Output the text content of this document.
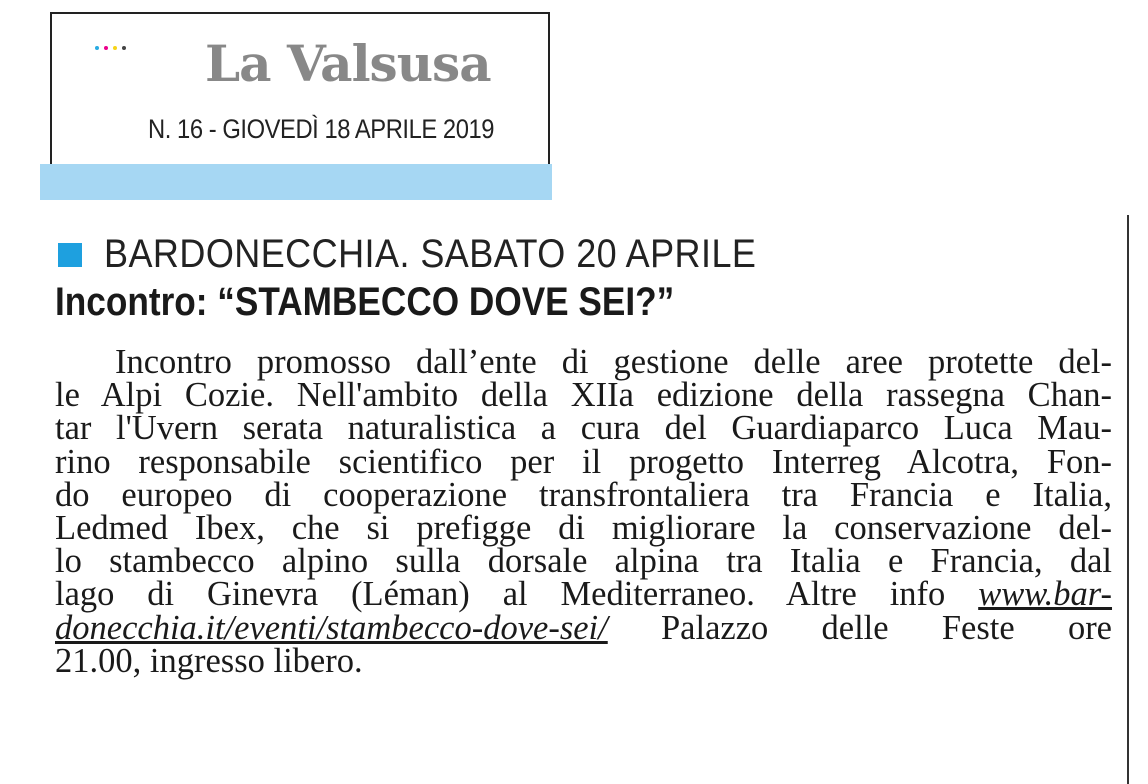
La Valsusa
N. 16 - GIOVEDÌ 18 APRILE 2019
BARDONECCHIA. SABATO 20 APRILE
Incontro: “STAMBECCO DOVE SEI?”
Incontro promosso dall’ente di gestione delle aree protette del-
le Alpi Cozie. Nell'ambito della XIIa edizione della rassegna Chan-
tar l'Uvern serata naturalistica a cura del Guardiaparco Luca Mau-
rino responsabile scientifico per il progetto Interreg Alcotra, Fon-
do europeo di cooperazione transfrontaliera tra Francia e Italia,
Ledmed Ibex, che si prefigge di migliorare la conservazione del-
lo stambecco alpino sulla dorsale alpina tra Italia e Francia, dal
lago di Ginevra (Léman) al Mediterraneo. Altre info www.bar-
donecchia.it/eventi/stambecco-dove-sei/ Palazzo delle Feste ore
21.00, ingresso libero.
